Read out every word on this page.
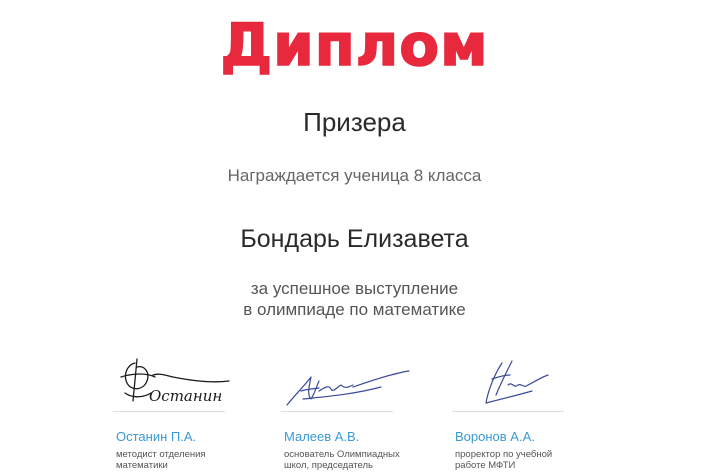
Диплом
Призера
Награждается ученица 8 класса
Бондарь Елизавета
за успешное выступление
в олимпиаде по математике
Останин
Останин П.А.
методист отделения
математики
Малеев А.В.
основатель Олимпиадных
школ, председатель
Воронов А.А.
проректор по учебной
работе МФТИ
